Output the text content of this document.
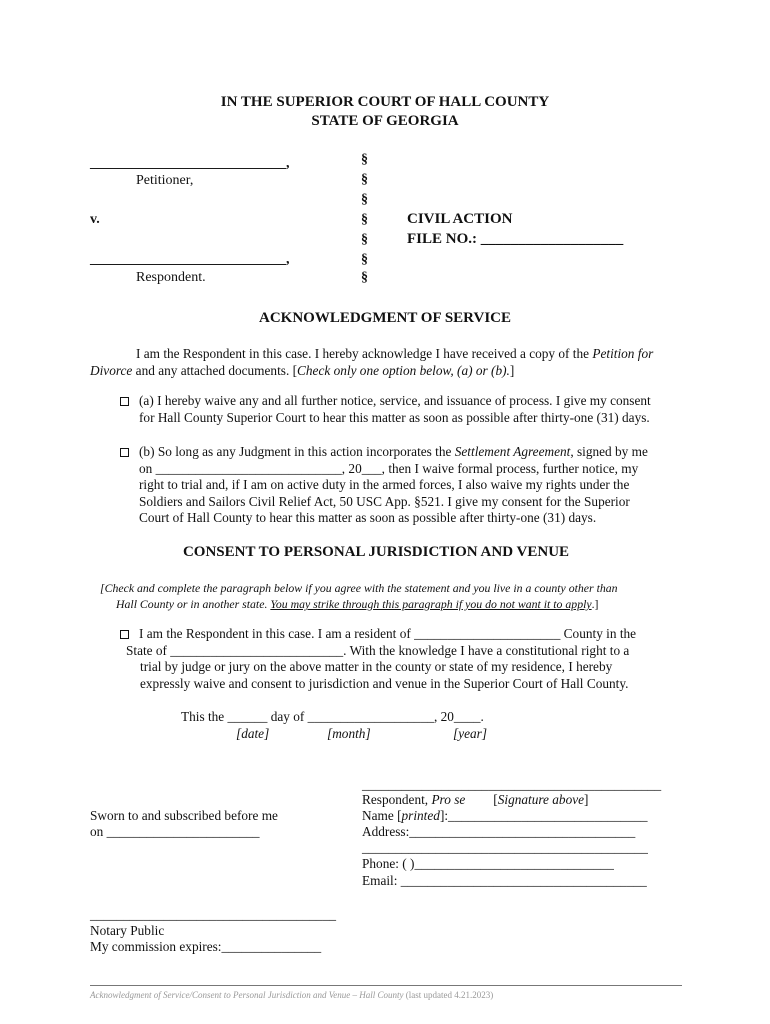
IN THE SUPERIOR COURT OF HALL COUNTY
STATE OF GEORGIA
____________________________,
Petitioner,
v.
____________________________,
Respondent.
§
§
§
§
§
§
§
CIVIL ACTION
FILE NO.: ___________________
ACKNOWLEDGMENT OF SERVICE
I am the Respondent in this case. I hereby acknowledge I have received a copy of the Petition for
Divorce and any attached documents. [Check only one option below, (a) or (b).]
(a) I hereby waive any and all further notice, service, and issuance of process. I give my consent
for Hall County Superior Court to hear this matter as soon as possible after thirty-one (31) days.
(b) So long as any Judgment in this action incorporates the Settlement Agreement, signed by me
on ____________________________, 20___, then I waive formal process, further notice, my
right to trial and, if I am on active duty in the armed forces, I also waive my rights under the
Soldiers and Sailors Civil Relief Act, 50 USC App. §521. I give my consent for the Superior
Court of Hall County to hear this matter as soon as possible after thirty-one (31) days.
CONSENT TO PERSONAL JURISDICTION AND VENUE
[Check and complete the paragraph below if you agree with the statement and you live in a county other than
Hall County or in another state. You may strike through this paragraph if you do not want it to apply.]
I am the Respondent in this case. I am a resident of ______________________ County in the
State of __________________________. With the knowledge I have a constitutional right to a
trial by judge or jury on the above matter in the county or state of my residence, I hereby
expressly waive and consent to jurisdiction and venue in the Superior Court of Hall County.
This the ______ day of ___________________, 20____.
[date]	[month]	[year]
_____________________________________________
Respondent, Pro se [Signature above]
Name [printed]:______________________________
Address:__________________________________
___________________________________________
Phone: ( )______________________________
Email: _____________________________________
Sworn to and subscribed before me
on _______________________
_____________________________________
Notary Public
My commission expires:_______________
Acknowledgment of Service/Consent to Personal Jurisdiction and Venue – Hall County (last updated 4.21.2023)
